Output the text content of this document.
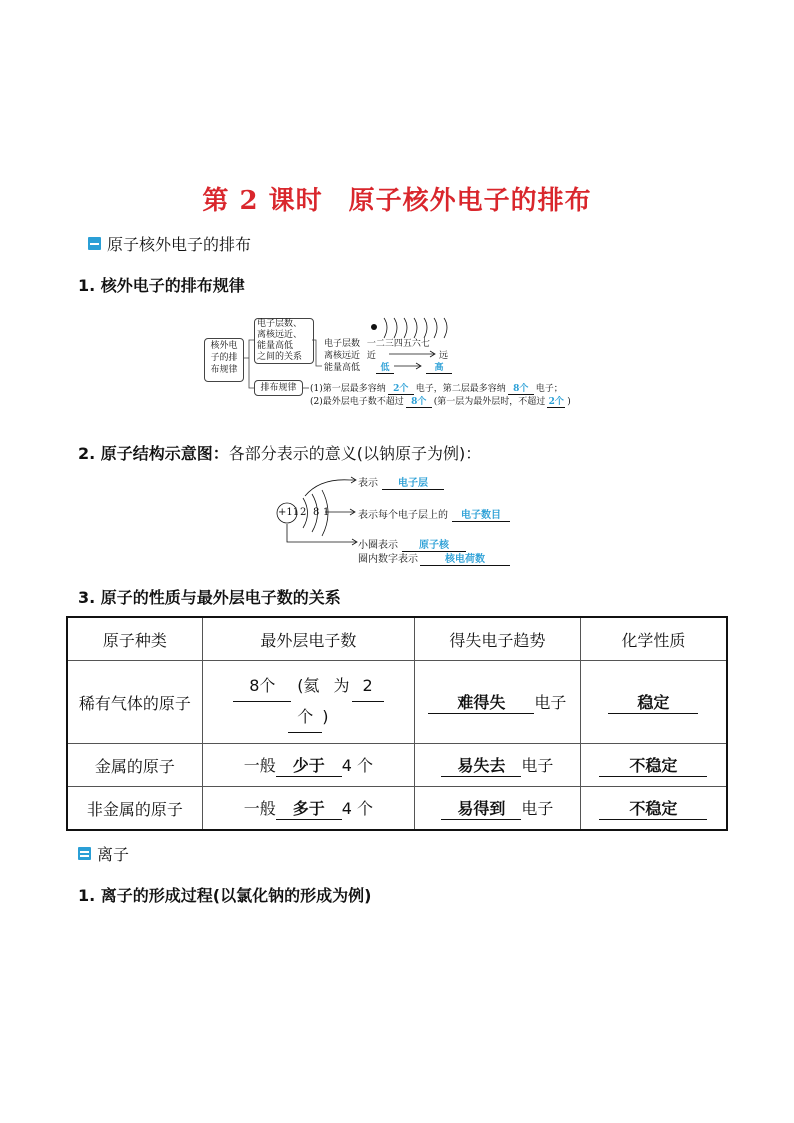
第 2 课时 原子核外电子的排布
原子核外电子的排布
1. 核外电子的排布规律
核外电
子的排
布规律
电子层数、
离核远近、
能量高低
之间的关系
排布规律
电子层数 一二三四五六七
离核远近 近	远
能量高低	低	高
(1)第一层最多容纳 2个 电子，第二层最多容纳 8个 电子；
(2)最外层电子数不超过 8个 (第一层为最外层时，不超过 2个 )
2. 原子结构示意图：各部分表示的意义(以钠原子为例)：
+11 2 8 1
表示 电子层
表示每个电子层上的 电子数目
小圈表示 原子核
圈内数字表示	核电荷数
3. 原子的性质与最外层电子数的关系
原子种类	最外层电子数	得失电子趋势	化学性质
稀有气体的原子	8个 (氦 为 2
个 )	难得失 电子	稳定
金属的原子	一般 少于 4 个	易失去 电子	不稳定
非金属的原子	一般 多于 4 个	易得到 电子	不稳定
离子
1. 离子的形成过程(以氯化钠的形成为例)
